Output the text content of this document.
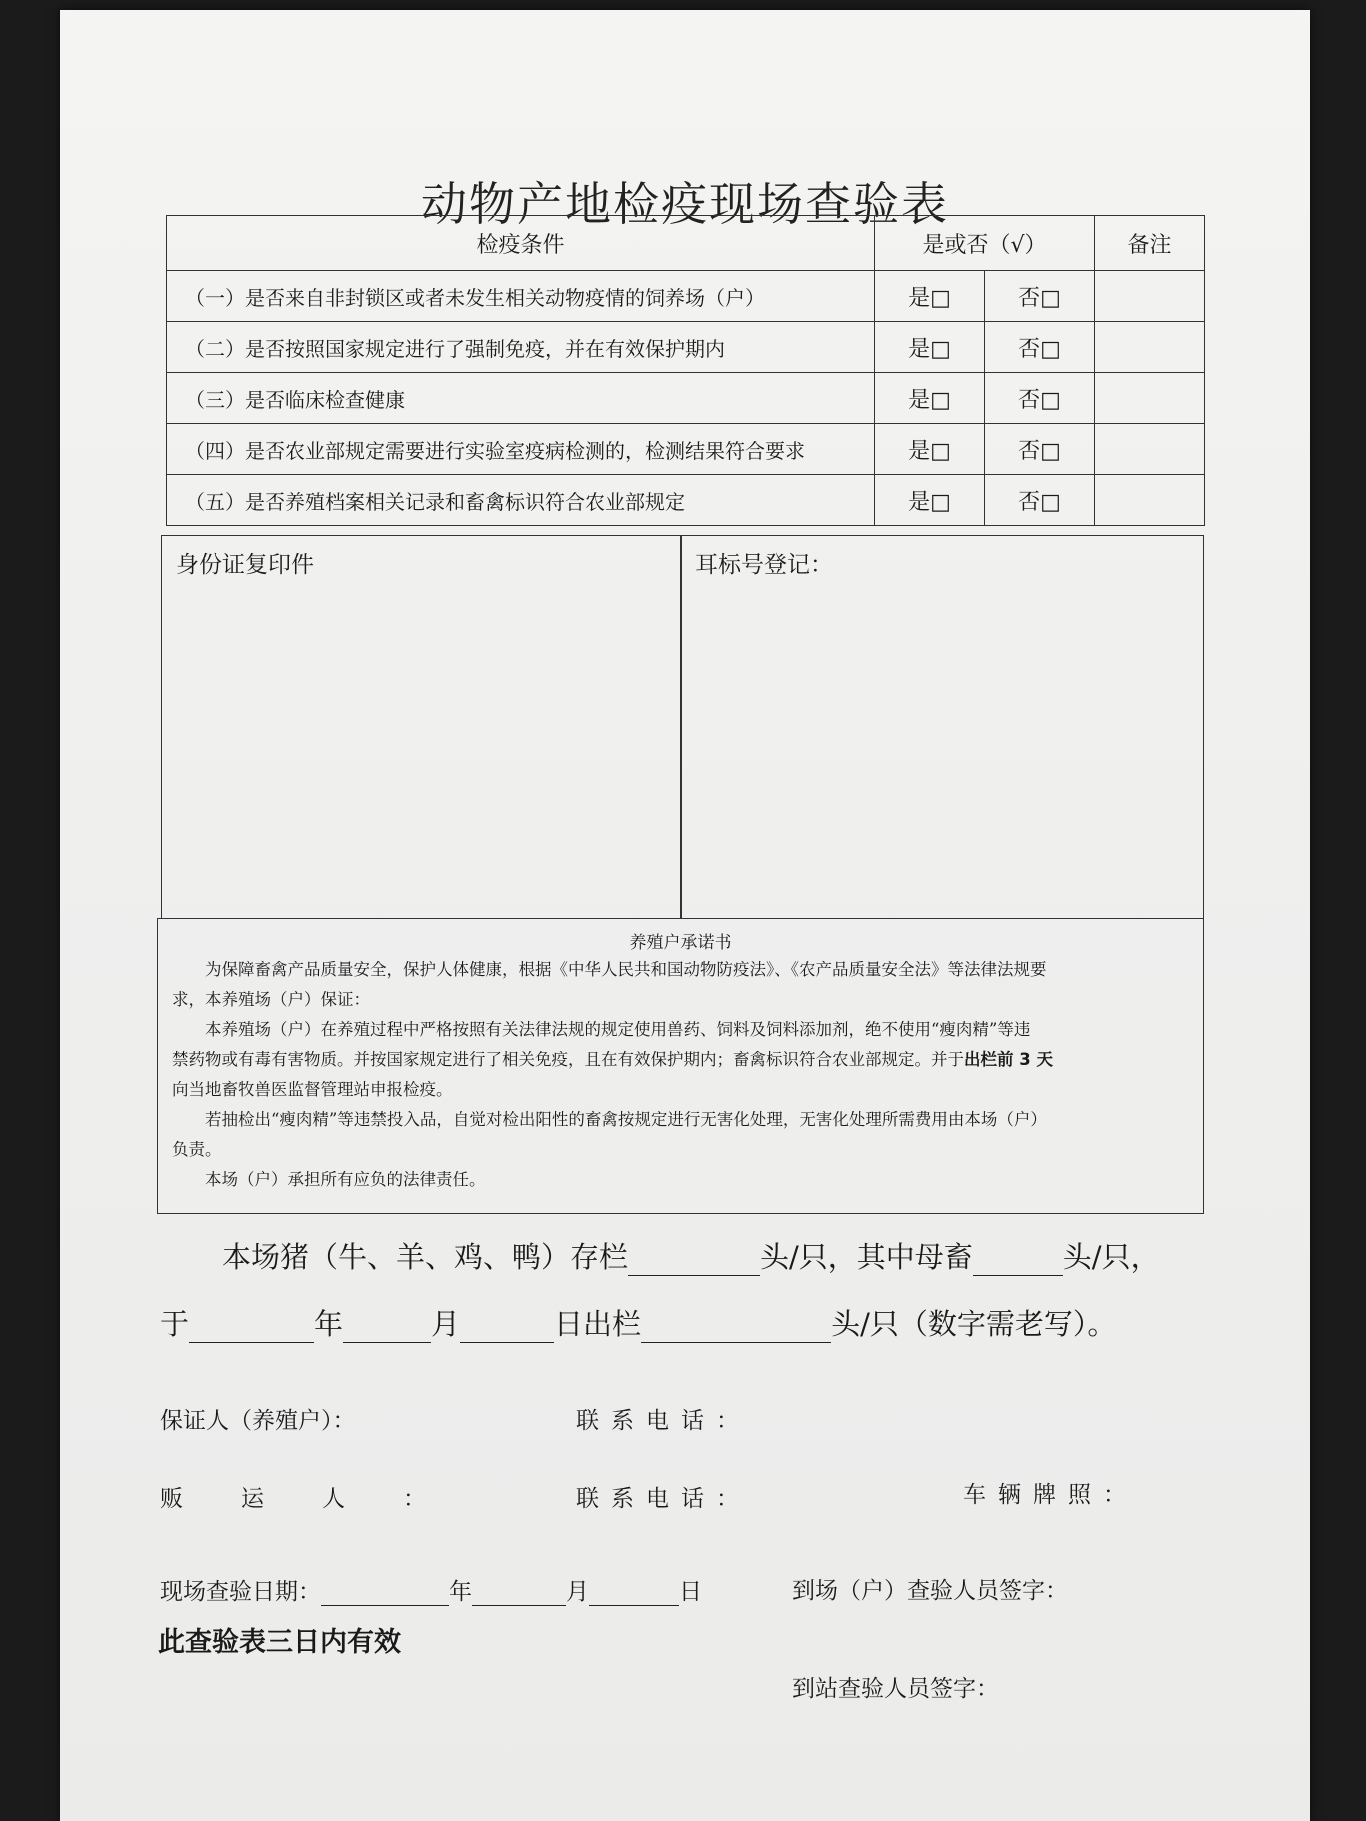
动物产地检疫现场查验表
检疫条件	是或否（√）		备注
（一）是否来自非封锁区或者未发生相关动物疫情的饲养场（户）	是□	否□	
（二）是否按照国家规定进行了强制免疫，并在有效保护期内	是□	否□	
（三）是否临床检查健康	是□	否□	
（四）是否农业部规定需要进行实验室疫病检测的，检测结果符合要求	是□	否□	
（五）是否养殖档案相关记录和畜禽标识符合农业部规定	是□	否□	
身份证复印件	耳标号登记：
养殖户承诺书

为保障畜禽产品质量安全，保护人体健康，根据《中华人民共和国动物防疫法》、《农产品质量安全法》等法律法规要

求，本养殖场（户）保证：

本养殖场（户）在养殖过程中严格按照有关法律法规的规定使用兽药、饲料及饲料添加剂，绝不使用“瘦肉精”等违

禁药物或有毒有害物质。并按国家规定进行了相关免疫，且在有效保护期内；畜禽标识符合农业部规定。并于出栏前 3 天

向当地畜牧兽医监督管理站申报检疫。

若抽检出“瘦肉精”等违禁投入品，自觉对检出阳性的畜禽按规定进行无害化处理，无害化处理所需费用由本场（户）

负责。

本场（户）承担所有应负的法律责任。

本场猪（牛、羊、鸡、鸭）存栏	头/只，其中母畜	头/只，
于	年	月	日出栏	头/只（数字需老写）。
保证人（养殖户）：	联系电话：
贩运人：	联系电话：	车辆牌照：
现场查验日期：	年	月	日	到场（户）查验人员签字：
此查验表三日内有效
到站查验人员签字：
